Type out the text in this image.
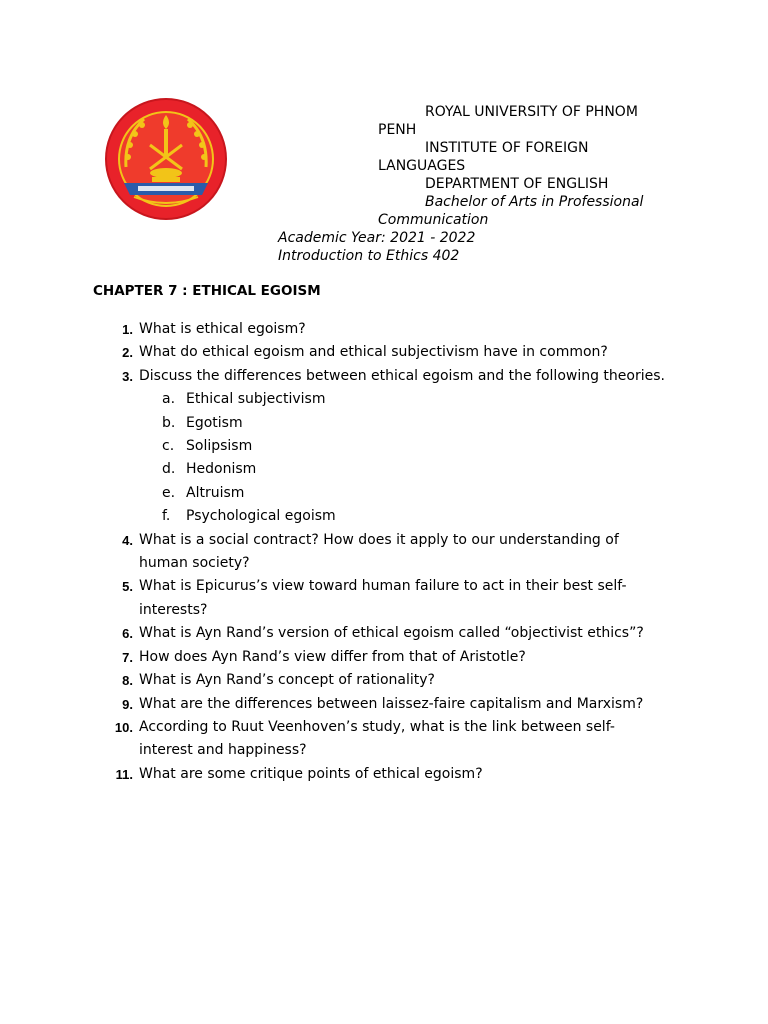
ROYAL UNIVERSITY OF PHNOM
PENH
INSTITUTE OF FOREIGN
LANGUAGES
DEPARTMENT OF ENGLISH
Bachelor of Arts in Professional
Communication
Academic Year: 2021 - 2022
Introduction to Ethics 402
CHAPTER 7 : ETHICAL EGOISM
1. What is ethical egoism?
2. What do ethical egoism and ethical subjectivism have in common?
3. Discuss the differences between ethical egoism and the following theories.
a. Ethical subjectivism
b. Egotism
c. Solipsism
d. Hedonism
e. Altruism
f. Psychological egoism
4. What is a social contract? How does it apply to our understanding of
human society?
5. What is Epicurus’s view toward human failure to act in their best self-
interests?
6. What is Ayn Rand’s version of ethical egoism called “objectivist ethics”?
7. How does Ayn Rand’s view differ from that of Aristotle?
8. What is Ayn Rand’s concept of rationality?
9. What are the differences between laissez-faire capitalism and Marxism?
10. According to Ruut Veenhoven’s study, what is the link between self-
interest and happiness?
11. What are some critique points of ethical egoism?
